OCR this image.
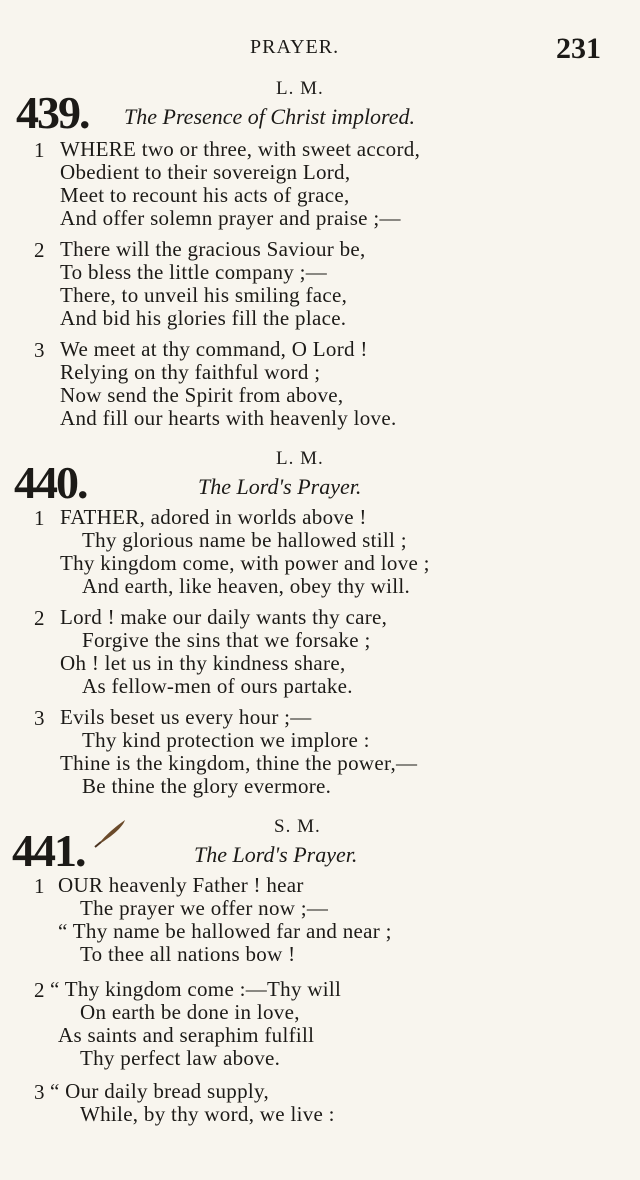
PRAYER.	231
L. M.
439. The Presence of Christ implored.
1 WHERE two or three, with sweet accord,
Obedient to their sovereign Lord,
Meet to recount his acts of grace,
And offer solemn prayer and praise ;—
2 There will the gracious Saviour be,
To bless the little company ;—
There, to unveil his smiling face,
And bid his glories fill the place.
3 We meet at thy command, O Lord !
Relying on thy faithful word ;
Now send the Spirit from above,
And fill our hearts with heavenly love.
L. M.
440.	The Lord's Prayer.
1 FATHER, adored in worlds above !
Thy glorious name be hallowed still ;
Thy kingdom come, with power and love ;
And earth, like heaven, obey thy will.
2 Lord ! make our daily wants thy care,
Forgive the sins that we forsake ;
Oh ! let us in thy kindness share,
As fellow-men of ours partake.
3 Evils beset us every hour ;—
Thy kind protection we implore :
Thine is the kingdom, thine the power,—
Be thine the glory evermore.
S. M.
441.	The Lord's Prayer.
1 OUR heavenly Father ! hear
The prayer we offer now ;—
“ Thy name be hallowed far and near ;
To thee all nations bow !
2 “ Thy kingdom come :—Thy will
On earth be done in love,
As saints and seraphim fulfill
Thy perfect law above.
3 “ Our daily bread supply,
While, by thy word, we live :
